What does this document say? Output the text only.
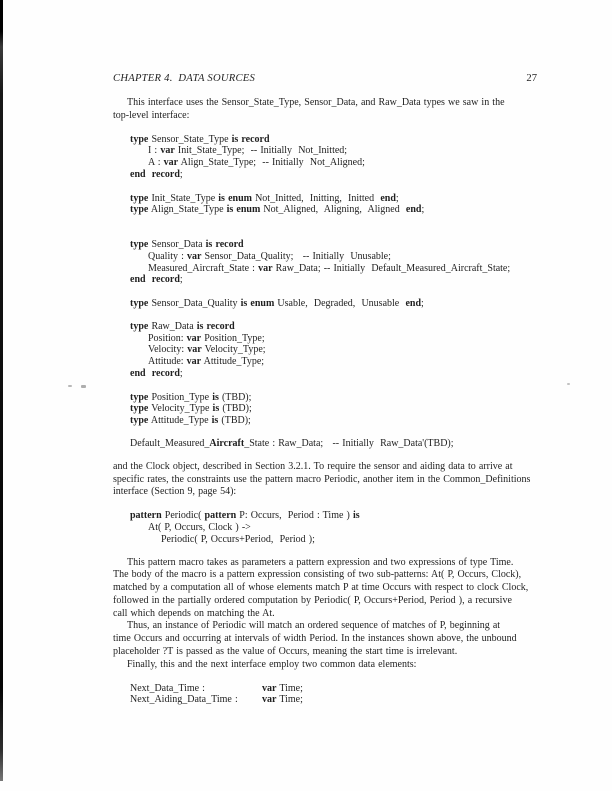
CHAPTER 4.  DATA SOURCES	27
This interface uses the Sensor_State_Type, Sensor_Data, and Raw_Data types we saw in the
top-level interface:
type Sensor_State_Type is record
I : var Init_State_Type;  -- Initially  Not_Initted;
A : var Align_State_Type;  -- Initially  Not_Aligned;
end record;
type Init_State_Type is enum Not_Initted,  Initting,  Initted  end;
type Align_State_Type is enum Not_Aligned,  Aligning,  Aligned  end;
type Sensor_Data is record
Quality : var Sensor_Data_Quality;   -- Initially  Unusable;
Measured_Aircraft_State : var Raw_Data; -- Initially  Default_Measured_Aircraft_State;
end record;
type Sensor_Data_Quality is enum Usable,  Degraded,  Unusable  end;
type Raw_Data is record
Position: var Position_Type;
Velocity: var Velocity_Type;
Attitude: var Attitude_Type;
end record;
type Position_Type is (TBD);
type Velocity_Type is (TBD);
type Attitude_Type is (TBD);
Default_Measured_Aircraft_State : Raw_Data;   -- Initially  Raw_Data'(TBD);
and the Clock object, described in Section 3.2.1. To require the sensor and aiding data to arrive at
specific rates, the constraints use the pattern macro Periodic, another item in the Common_Definitions
interface (Section 9, page 54):
pattern Periodic( pattern P: Occurs,  Period : Time ) is
At( P, Occurs, Clock ) ->
Periodic( P, Occurs+Period,  Period );
This pattern macro takes as parameters a pattern expression and two expressions of type Time.
The body of the macro is a pattern expression consisting of two sub-patterns: At( P, Occurs, Clock),
matched by a computation all of whose elements match P at time Occurs with respect to clock Clock,
followed in the partially ordered computation by Periodic( P, Occurs+Period, Period ), a recursive
call which depends on matching the At.
Thus, an instance of Periodic will match an ordered sequence of matches of P, beginning at
time Occurs and occurring at intervals of width Period. In the instances shown above, the unbound
placeholder ?T is passed as the value of Occurs, meaning the start time is irrelevant.
Finally, this and the next interface employ two common data elements:
Next_Data_Time :	var Time;
Next_Aiding_Data_Time : var Time;
